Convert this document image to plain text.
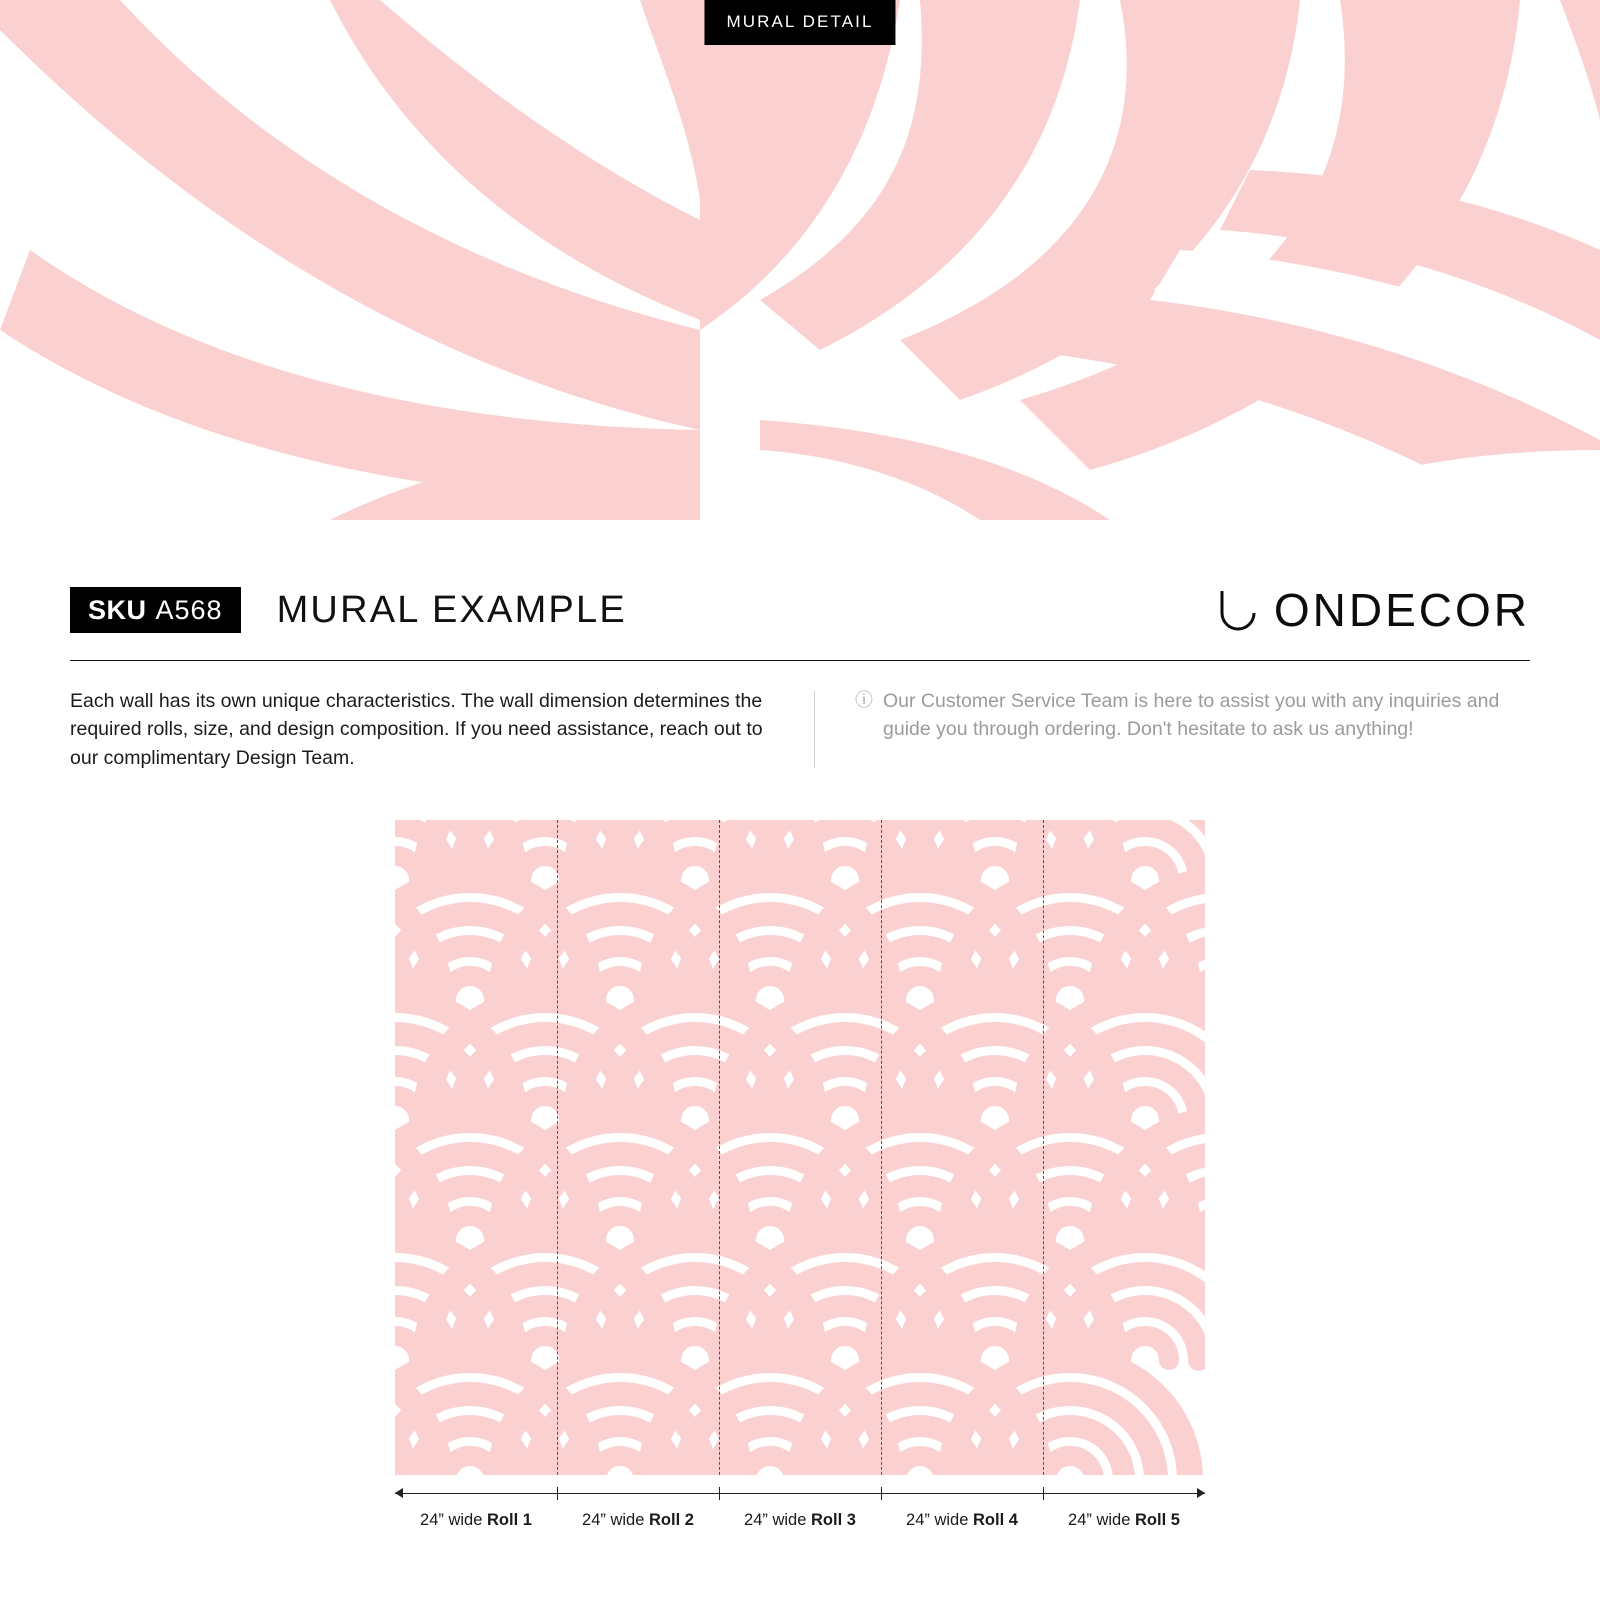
MURAL DETAIL
SKU A568 MURAL EXAMPLE	ONDECOR
Each wall has its own unique characteristics. The wall dimension determines the required rolls, size, and design composition. If you need assistance, reach out to our complimentary Design Team.
ⓘ Our Customer Service Team is here to assist you with any inquiries and guide you through ordering. Don't hesitate to ask us anything!
24” wide Roll 1	24” wide Roll 2	24” wide Roll 3	24” wide Roll 4	24” wide Roll 5
